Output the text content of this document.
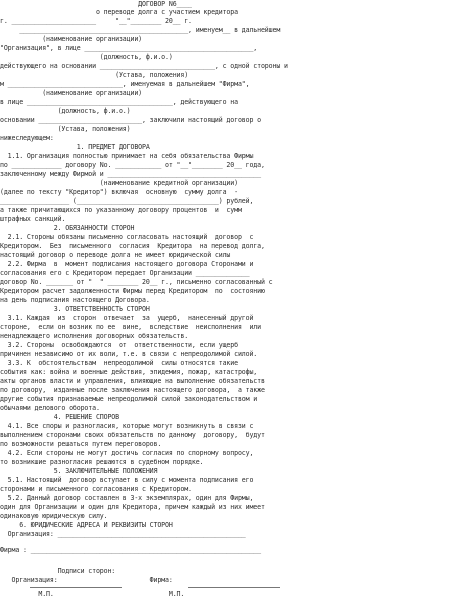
ДОГОВОР N6____
о переводе долга с участием кредитора
г. ______________________     "__"________ 20__ г.
____________________________________________, именуем__ в дальнейшем
(наименование организации)
"Организация", в лице ____________________________________________,
(должность, ф.и.о.)
действующего на основании ______________________________, с одной стороны и
(Устава, положения)
м ______________________________, именуемая в дальнейшем "Фирма",
(наименование организации)
в лице ______________________________________, действующего на
(должность, ф.и.о.)
основании ___________________________, заключили настоящий договор о
(Устава, положения)
нижеследующем:
1. ПРЕДМЕТ ДОГОВОРА
1.1. Организация полностью принимает на себя обязательства Фирмы
по _____________ договору No. ____________ от "__"________ 20__ года,
заключенному между Фирмой и ________________________________________
(наименование кредитной организации)
(далее по тексту "Кредитор") включая  основную  сумму долга  -
__________________ (_____________________________________) рублей,
а также причитающихся по указанному договору процентов  и  сумм
штрафных санкций.
2. ОБЯЗАННОСТИ СТОРОН
2.1. Стороны обязаны письменно согласовать настоящий  договор  с
Кредитором.  Без  письменного  согласия  Кредитора  на перевод долга,
настоящий договор о переводе долга не имеет юридической силы
2.2. Фирма  в  момент подписания настоящего договора Сторонами и
согласования его с Кредитором передает Организации ______________
договор No. _______ от "  " ________ 20__ г., письменно согласованный с
Кредитором расчет задолженности Фирмы перед Кредитором  по  состоянию
на день подписания настоящего Договора.
3. ОТВЕТСТВЕННОСТЬ СТОРОН
3.1. Каждая  из  сторон  отвечает  за  ущерб,  нанесенный другой
стороне,  если он возник по ее  вине,  вследствие  неисполнения  или
ненадлежащего исполнения договорных обязательств.
3.2. Стороны  освобождаются  от  ответственности, если ущерб
причинен независимо от их воли, т.е. в связи с непреодолимой силой.
3.3. К  обстоятельствам  непреодолимой  силы относятся такие
события как: война и военные действия, эпидемия, пожар, катастрофы,
акты органов власти и управления, влияющие на выполнение обязательств
по договору,  изданные после заключения настоящего договора,  а также
другие события признаваемые непреодолимой силой законодательством и
обычаями делового оборота.
4. РЕШЕНИЕ СПОРОВ
4.1. Все споры и разногласия, которые могут возникнуть в связи с
выполнением сторонами своих обязательств по данному  договору,  будут
по возможности решаться путем переговоров.
4.2. Если стороны не могут достичь согласия по спорному вопросу,
то возникшие разногласия решаются в судебном порядке.
5. ЗАКЛЮЧИТЕЛЬНЫЕ ПОЛОЖЕНИЯ
5.1. Настоящий  договор вступает в силу с момента подписания его
сторонами и письменного согласования с Кредитором.
5.2. Данный договор составлен в 3-х экземплярах, один для Фирмы,
один для Организации и один для Кредитора, причем каждый из них имеет
одинаковую юридическую силу.
6. ЮРИДИЧЕСКИЕ АДРЕСА И РЕКВИЗИТЫ СТОРОН
Организация: _________________________________________________
Фирма : ____________________________________________________________
Подписи сторон:
Организация:                        Фирма:
М.П.                              М.П.
